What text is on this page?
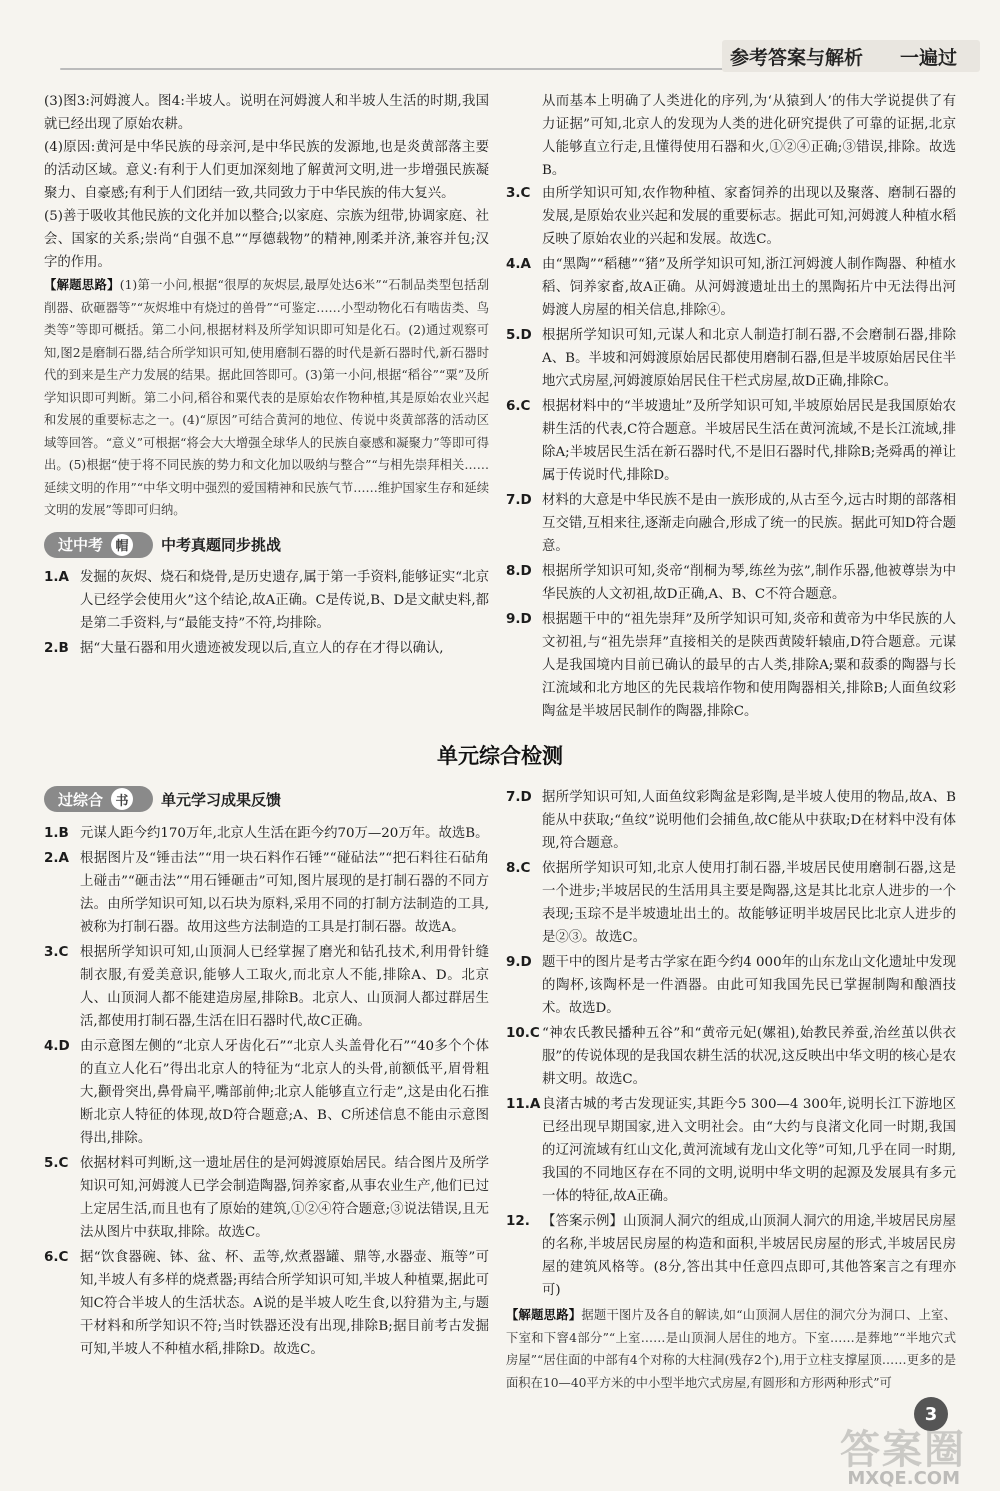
参考答案与解析 一遍过

(3)图3:河姆渡人。图4:半坡人。说明在河姆渡人和半坡人生活的时期,我国就已经出现了原始农耕。

(4)原因:黄河是中华民族的母亲河,是中华民族的发源地,也是炎黄部落主要的活动区域。意义:有利于人们更加深刻地了解黄河文明,进一步增强民族凝聚力、自豪感;有利于人们团结一致,共同致力于中华民族的伟大复兴。

(5)善于吸收其他民族的文化并加以整合;以家庭、宗族为纽带,协调家庭、社会、国家的关系;崇尚“自强不息”“厚德载物”的精神,刚柔并济,兼容并包;汉字的作用。

【解题思路】(1)第一小问,根据“很厚的灰烬层,最厚处达6米”“石制品类型包括刮削器、砍砸器等”“灰烬堆中有烧过的兽骨”“可鉴定……小型动物化石有啮齿类、鸟类等”等即可概括。第二小问,根据材料及所学知识即可知是化石。(2)通过观察可知,图2是磨制石器,结合所学知识可知,使用磨制石器的时代是新石器时代,新石器时代的到来是生产力发展的结果。据此回答即可。(3)第一小问,根据“稻谷”“粟”及所学知识即可判断。第二小问,稻谷和粟代表的是原始农作物种植,其是原始农业兴起和发展的重要标志之一。(4)“原因”可结合黄河的地位、传说中炎黄部落的活动区域等回答。“意义”可根据“将会大大增强全球华人的民族自豪感和凝聚力”等即可得出。(5)根据“使于将不同民族的势力和文化加以吸纳与整合”“与相先崇拜相关……延续文明的作用”“中华文明中强烈的爱国精神和民族气节……维护国家生存和延续文明的发展”等即可归纳。
过中考 帽	中考真题同步挑战
1.A 发掘的灰烬、烧石和烧骨,是历史遗存,属于第一手资料,能够证实“北京人已经学会使用火”这个结论,故A正确。C是传说,B、D是文献史料,都是第二手资料,与“最能支持”不符,均排除。
2.B 据“大量石器和用火遗迹被发现以后,直立人的存在才得以确认,

从而基本上明确了人类进化的序列,为‘从猿到人’的伟大学说提供了有力证据”可知,北京人的发现为人类的进化研究提供了可靠的证据,北京人能够直立行走,且懂得使用石器和火,①②④正确;③错误,排除。故选B。

3.C 由所学知识可知,农作物种植、家畜饲养的出现以及聚落、磨制石器的发展,是原始农业兴起和发展的重要标志。据此可知,河姆渡人种植水稻反映了原始农业的兴起和发展。故选C。
4.A 由“黑陶”“稻穗”“猪”及所学知识可知,浙江河姆渡人制作陶器、种植水稻、饲养家畜,故A正确。从河姆渡遗址出土的黑陶拓片中无法得出河姆渡人房屋的相关信息,排除④。
5.D 根据所学知识可知,元谋人和北京人制造打制石器,不会磨制石器,排除A、B。半坡和河姆渡原始居民都使用磨制石器,但是半坡原始居民住半地穴式房屋,河姆渡原始居民住干栏式房屋,故D正确,排除C。
6.C 根据材料中的“半坡遗址”及所学知识可知,半坡原始居民是我国原始农耕生活的代表,C符合题意。半坡居民生活在黄河流域,不是长江流域,排除A;半坡居民生活在新石器时代,不是旧石器时代,排除B;尧舜禹的禅让属于传说时代,排除D。
7.D 材料的大意是中华民族不是由一族形成的,从古至今,远古时期的部落相互交错,互相来往,逐渐走向融合,形成了统一的民族。据此可知D符合题意。
8.D 根据所学知识可知,炎帝“削桐为琴,练丝为弦”,制作乐器,他被尊崇为中华民族的人文初祖,故D正确,A、B、C不符合题意。
9.D 根据题干中的“祖先崇拜”及所学知识可知,炎帝和黄帝为中华民族的人文初祖,与“祖先崇拜”直接相关的是陕西黄陵轩辕庙,D符合题意。元谋人是我国境内目前已确认的最早的古人类,排除A;粟和菽黍的陶器与长江流域和北方地区的先民栽培作物和使用陶器相关,排除B;人面鱼纹彩陶盆是半坡居民制作的陶器,排除C。
单元综合检测
过综合 书	单元学习成果反馈
1.B 元谋人距今约170万年,北京人生活在距今约70万—20万年。故选B。
2.A 根据图片及“锤击法”“用一块石料作石锤”“碰砧法”“把石料往石砧角上碰击”“砸击法”“用石锤砸击”可知,图片展现的是打制石器的不同方法。由所学知识可知,以石块为原料,采用不同的打制方法制造的工具,被称为打制石器。故用这些方法制造的工具是打制石器。故选A。
3.C 根据所学知识可知,山顶洞人已经掌握了磨光和钻孔技术,利用骨针缝制衣服,有爱美意识,能够人工取火,而北京人不能,排除A、D。北京人、山顶洞人都不能建造房屋,排除B。北京人、山顶洞人都过群居生活,都使用打制石器,生活在旧石器时代,故C正确。
4.D 由示意图左侧的“北京人牙齿化石”“北京人头盖骨化石”“40多个个体的直立人化石”得出北京人的特征为“北京人的头骨,前额低平,眉骨粗大,颧骨突出,鼻骨扁平,嘴部前伸;北京人能够直立行走”,这是由化石推断北京人特征的体现,故D符合题意;A、B、C所述信息不能由示意图得出,排除。
5.C 依据材料可判断,这一遗址居住的是河姆渡原始居民。结合图片及所学知识可知,河姆渡人已学会制造陶器,饲养家畜,从事农业生产,他们已过上定居生活,而且也有了原始的建筑,①②④符合题意;③说法错误,且无法从图片中获取,排除。故选C。
6.C 据“饮食器碗、钵、盆、杯、盂等,炊煮器罐、鼎等,水器壶、瓶等”可知,半坡人有多样的烧煮器;再结合所学知识可知,半坡人种植粟,据此可知C符合半坡人的生活状态。A说的是半坡人吃生食,以狩猎为主,与题干材料和所学知识不符;当时铁器还没有出现,排除B;据目前考古发掘可知,半坡人不种植水稻,排除D。故选C。
7.D 据所学知识可知,人面鱼纹彩陶盆是彩陶,是半坡人使用的物品,故A、B能从中获取;“鱼纹”说明他们会捕鱼,故C能从中获取;D在材料中没有体现,符合题意。
8.C 依据所学知识可知,北京人使用打制石器,半坡居民使用磨制石器,这是一个进步;半坡居民的生活用具主要是陶器,这是其比北京人进步的一个表现;玉琮不是半坡遗址出土的。故能够证明半坡居民比北京人进步的是②③。故选C。
9.D 题干中的图片是考古学家在距今约4 000年的山东龙山文化遗址中发现的陶杯,该陶杯是一件酒器。由此可知我国先民已掌握制陶和酿酒技术。故选D。
10.C “神农氏教民播种五谷”和“黄帝元妃(嫘祖),始教民养蚕,治丝茧以供衣服”的传说体现的是我国农耕生活的状况,这反映出中华文明的核心是农耕文明。故选C。
11.A 良渚古城的考古发现证实,其距今5 300—4 300年,说明长江下游地区已经出现早期国家,进入文明社会。由“大约与良渚文化同一时期,我国的辽河流域有红山文化,黄河流域有龙山文化等”可知,几乎在同一时期,我国的不同地区存在不同的文明,说明中华文明的起源及发展具有多元一体的特征,故A正确。
12. 【答案示例】山顶洞人洞穴的组成,山顶洞人洞穴的用途,半坡居民房屋的名称,半坡居民房屋的构造和面积,半坡居民房屋的形式,半坡居民房屋的建筑风格等。(8分,答出其中任意四点即可,其他答案言之有理亦可)
【解题思路】据题干图片及各自的解读,如“山顶洞人居住的洞穴分为洞口、上室、下室和下窨4部分”“上室……是山顶洞人居住的地方。下室……是葬地”“半地穴式房屋”“居住面的中部有4个对称的大柱洞(残存2个),用于立柱支撑屋顶……更多的是面积在10—40平方米的中小型半地穴式房屋,有圆形和方形两种形式”可
3
答案圈
MXQE.COM
